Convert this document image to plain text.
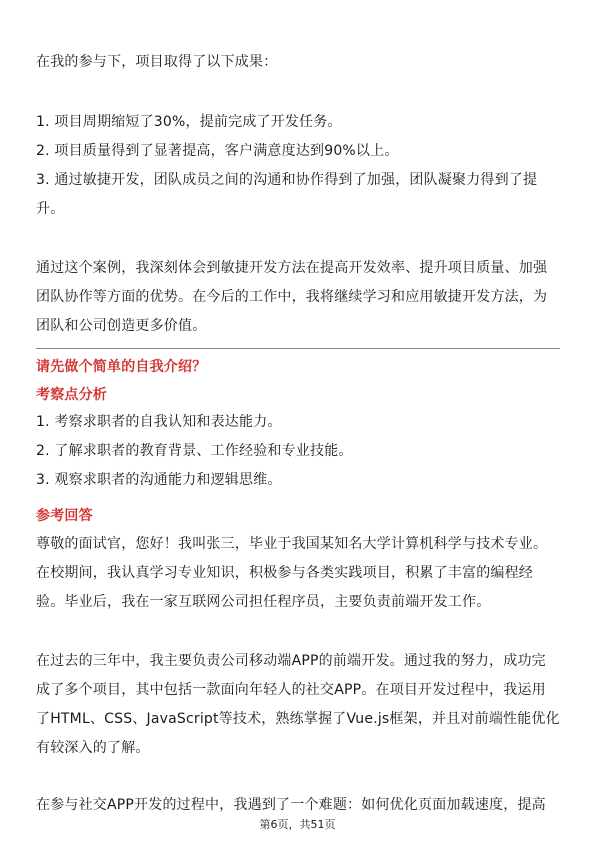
在我的参与下，项目取得了以下成果：

1. 项目周期缩短了30%，提前完成了开发任务。

2. 项目质量得到了显著提高，客户满意度达到90%以上。

3. 通过敏捷开发，团队成员之间的沟通和协作得到了加强，团队凝聚力得到了提

升。

通过这个案例，我深刻体会到敏捷开发方法在提高开发效率、提升项目质量、加强

团队协作等方面的优势。在今后的工作中，我将继续学习和应用敏捷开发方法，为

团队和公司创造更多价值。

请先做个简单的自我介绍？

考察点分析

1. 考察求职者的自我认知和表达能力。

2. 了解求职者的教育背景、工作经验和专业技能。

3. 观察求职者的沟通能力和逻辑思维。

参考回答

尊敬的面试官，您好！我叫张三，毕业于我国某知名大学计算机科学与技术专业。

在校期间，我认真学习专业知识，积极参与各类实践项目，积累了丰富的编程经

验。毕业后，我在一家互联网公司担任程序员，主要负责前端开发工作。

在过去的三年中，我主要负责公司移动端APP的前端开发。通过我的努力，成功完

成了多个项目，其中包括一款面向年轻人的社交APP。在项目开发过程中，我运用

了HTML、CSS、JavaScript等技术，熟练掌握了Vue.js框架，并且对前端性能优化

有较深入的了解。

在参与社交APP开发的过程中，我遇到了一个难题：如何优化页面加载速度，提高

第6页，共51页
